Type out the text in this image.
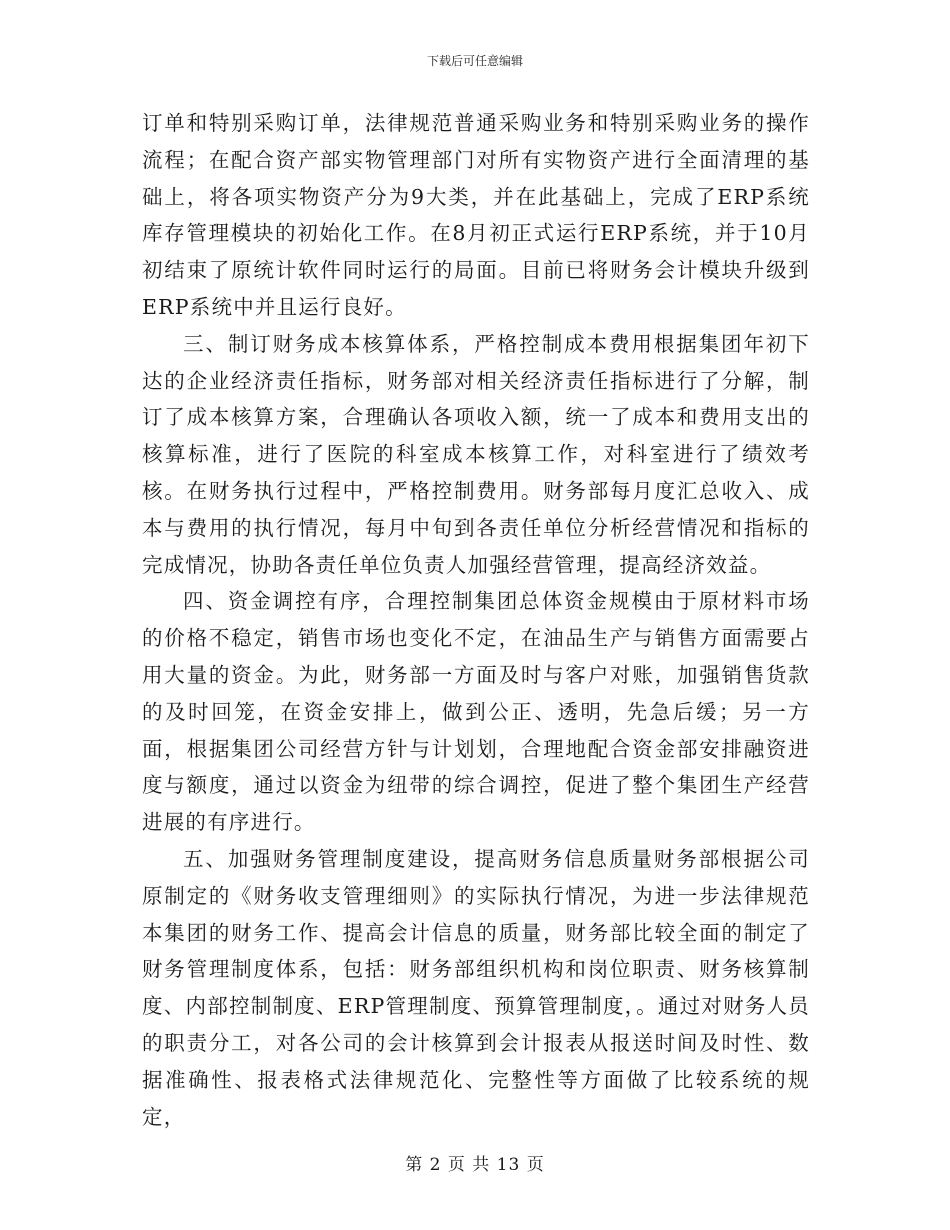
下载后可任意编辑

订单和特别采购订单，法律规范普通采购业务和特别采购业务的操作流程；在配合资产部实物管理部门对所有实物资产进行全面清理的基础上，将各项实物资产分为9大类，并在此基础上，完成了ERP系统库存管理模块的初始化工作。在8月初正式运行ERP系统，并于10月初结束了原统计软件同时运行的局面。目前已将财务会计模块升级到ERP系统中并且运行良好。

三、制订财务成本核算体系，严格控制成本费用根据集团年初下达的企业经济责任指标，财务部对相关经济责任指标进行了分解，制订了成本核算方案，合理确认各项收入额，统一了成本和费用支出的核算标准，进行了医院的科室成本核算工作，对科室进行了绩效考核。在财务执行过程中，严格控制费用。财务部每月度汇总收入、成本与费用的执行情况，每月中旬到各责任单位分析经营情况和指标的完成情况，协助各责任单位负责人加强经营管理，提高经济效益。

四、资金调控有序，合理控制集团总体资金规模由于原材料市场的价格不稳定，销售市场也变化不定，在油品生产与销售方面需要占用大量的资金。为此，财务部一方面及时与客户对账，加强销售货款的及时回笼，在资金安排上，做到公正、透明，先急后缓；另一方面，根据集团公司经营方针与计划划，合理地配合资金部安排融资进度与额度，通过以资金为纽带的综合调控，促进了整个集团生产经营进展的有序进行。

五、加强财务管理制度建设，提高财务信息质量财务部根据公司原制定的《财务收支管理细则》的实际执行情况，为进一步法律规范本集团的财务工作、提高会计信息的质量，财务部比较全面的制定了财务管理制度体系，包括：财务部组织机构和岗位职责、财务核算制度、内部控制制度、ERP管理制度、预算管理制度，。通过对财务人员的职责分工，对各公司的会计核算到会计报表从报送时间及时性、数据准确性、报表格式法律规范化、完整性等方面做了比较系统的规定，

第 2 页 共 13 页
